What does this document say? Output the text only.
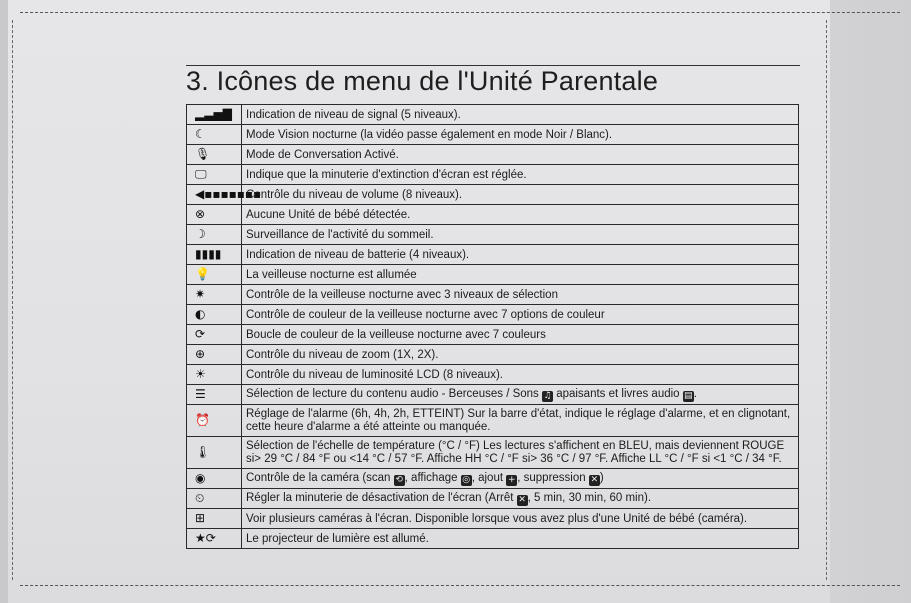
3. Icônes de menu de l'Unité Parentale
▂▃▅▇	Indication de niveau de signal (5 niveaux).
☾	Mode Vision nocturne (la vidéo passe également en mode Noir / Blanc).
🎙	Mode de Conversation Activé.
🖵	Indique que la minuterie d'extinction d'écran est réglée.
◀▪▪▪▪▪▪▪	Contrôle du niveau de volume (8 niveaux).
⊗	Aucune Unité de bébé détectée.
☽	Surveillance de l'activité du sommeil.
▮▮▮▮	Indication de niveau de batterie (4 niveaux).
💡	La veilleuse nocturne est allumée
✷	Contrôle de la veilleuse nocturne avec 3 niveaux de sélection
◐	Contrôle de couleur de la veilleuse nocturne avec 7 options de couleur
⟳	Boucle de couleur de la veilleuse nocturne avec 7 couleurs
⊕	Contrôle du niveau de zoom (1X, 2X).
☀	Contrôle du niveau de luminosité LCD (8 niveaux).
☰	Sélection de lecture du contenu audio - Berceuses / Sons ♫ apaisants et livres audio ▤.
⏰	Réglage de l'alarme (6h, 4h, 2h, ETTEINT) Sur la barre d'état, indique le réglage d'alarme, et en clignotant, cette heure d'alarme a été atteinte ou manquée.
🌡	Sélection de l'échelle de température (°C / °F) Les lectures s'affichent en BLEU, mais deviennent ROUGE si> 29 °C / 84 °F ou <14 °C / 57 °F. Affiche HH °C / °F si> 36 °C / 97 °F. Affiche LL °C / °F si <1 °C / 34 °F.
◉	Contrôle de la caméra (scan ⟲ , affichage ◎ , ajout + , suppression ✕ )
⏲	Régler la minuterie de désactivation de l'écran (Arrêt ✕ , 5 min, 30 min, 60 min).
⊞	Voir plusieurs caméras à l'écran. Disponible lorsque vous avez plus d'une Unité de bébé (caméra).
★⟳	Le projecteur de lumière est allumé.
